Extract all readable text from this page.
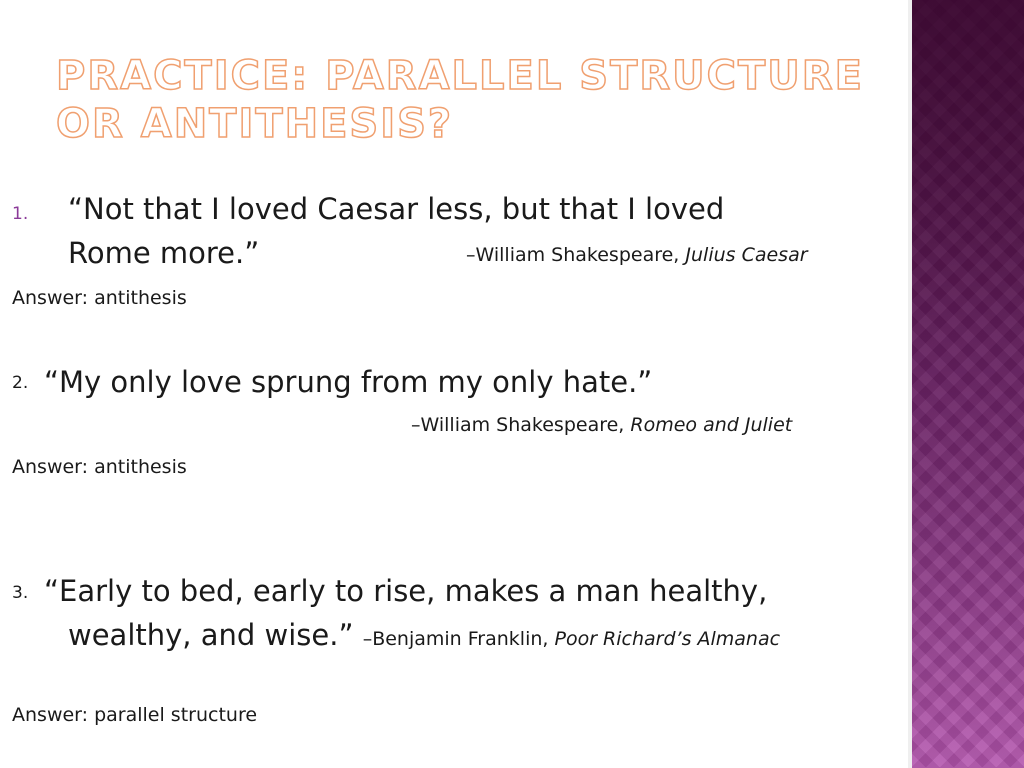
PRACTICE: PARALLEL STRUCTURE
OR ANTITHESIS?
1. “Not that I loved Caesar less, but that I loved
Rome more.”	–William Shakespeare, Julius Caesar
Answer: antithesis
2. “My only love sprung from my only hate.”
–William Shakespeare, Romeo and Juliet
Answer: antithesis
3. “Early to bed, early to rise, makes a man healthy,
wealthy, and wise.” –Benjamin Franklin, Poor Richard’s Almanac
Answer: parallel structure
